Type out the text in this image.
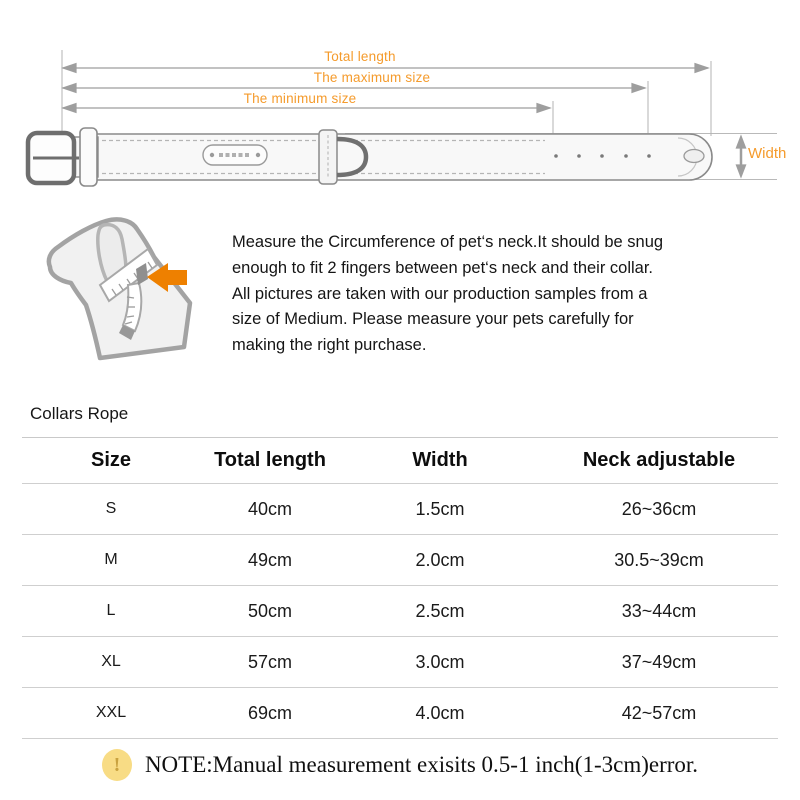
Total length
The maximum size
The minimum size
Width
Measure the Circumference of pet‘s neck.It should be snug
enough to fit 2 fingers between pet‘s neck and their collar.
All pictures are taken with our production samples from a
size of Medium. Please measure your pets carefully for
making the right purchase.
Collars Rope
Size	Total length	Width	Neck adjustable
S	40cm	1.5cm	26~36cm
M	49cm	2.0cm	30.5~39cm
L	50cm	2.5cm	33~44cm
XL	57cm	3.0cm	37~49cm
XXL	69cm	4.0cm	42~57cm
!	NOTE:Manual measurement exisits 0.5-1 inch(1-3cm)error.
